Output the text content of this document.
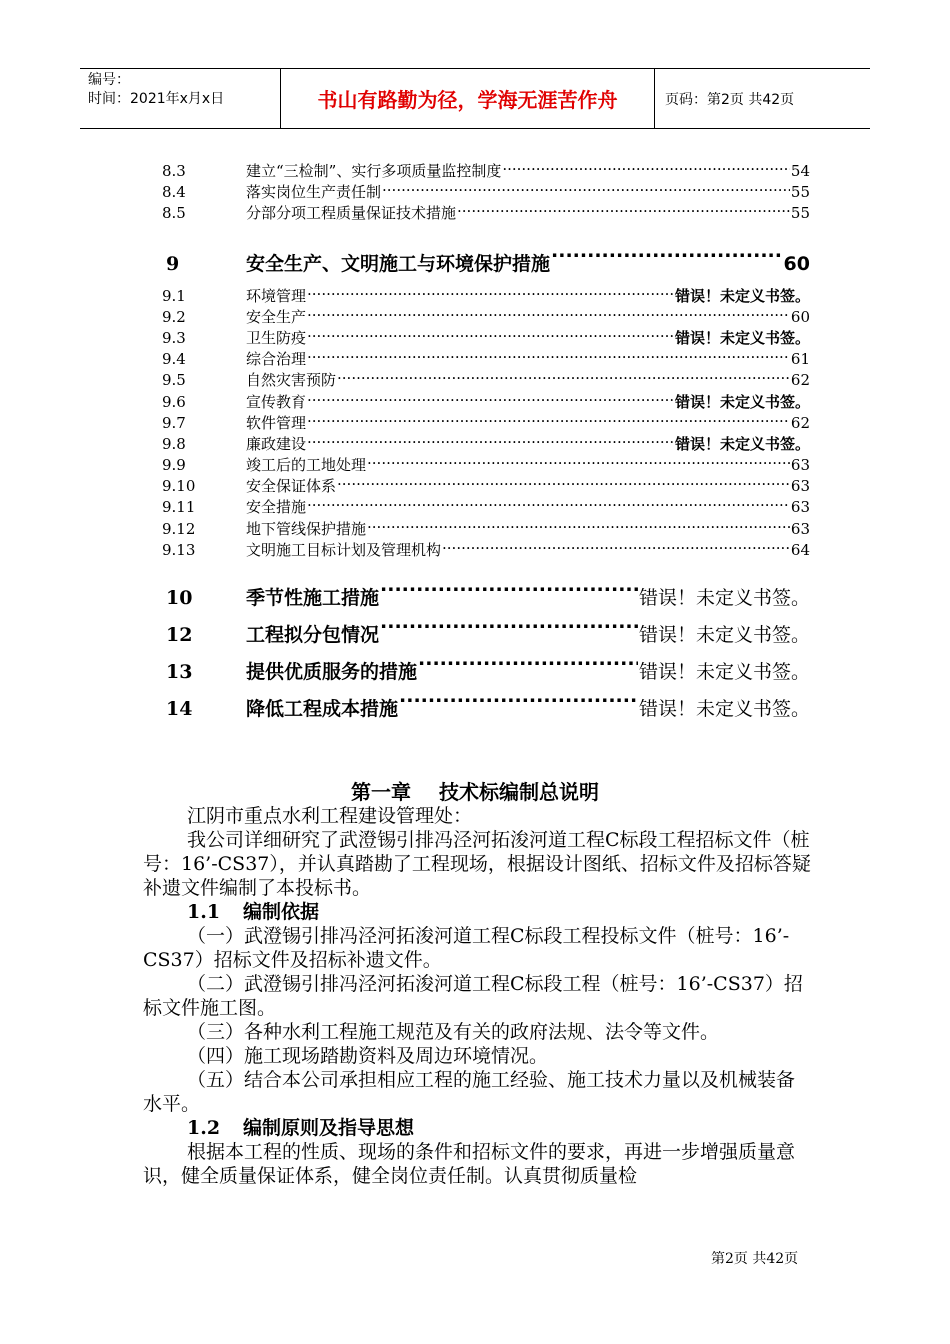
编号：
时间：2021年x月x日	书山有路勤为径，学海无涯苦作舟	页码：第2页 共42页
8.3	建立“三检制”、实行多项质量监控制度 .....	54
8.4	落实岗位生产责任制 .....	55
8.5	分部分项工程质量保证技术措施 .....	55
9	安全生产、文明施工与环境保护措施 .....	60
9.1	环境管理 .....	错误！未定义书签。
9.2	安全生产 .....	60
9.3	卫生防疫 .....	错误！未定义书签。
9.4	综合治理 .....	61
9.5	自然灾害预防 .....	62
9.6	宣传教育 .....	错误！未定义书签。
9.7	软件管理 .....	62
9.8	廉政建设 .....	错误！未定义书签。
9.9	竣工后的工地处理 .....	63
9.10	安全保证体系 .....	63
9.11	安全措施 .....	63
9.12	地下管线保护措施 .....	63
9.13	文明施工目标计划及管理机构 .....	64
10	季节性施工措施 .....	错误！未定义书签。
12	工程拟分包情况 .....	错误！未定义书签。
13	提供优质服务的措施 .....	错误！未定义书签。
14	降低工程成本措施 .....	错误！未定义书签。
第一章 技术标编制总说明

江阴市重点水利工程建设管理处：

我公司详细研究了武澄锡引排冯泾河拓浚河道工程C标段工程招标文件（桩号：16’-CS37），并认真踏勘了工程现场，根据设计图纸、招标文件及招标答疑补遗文件编制了本投标书。

1.1 编制依据

（一）武澄锡引排冯泾河拓浚河道工程C标段工程投标文件（桩号：16’-CS37）招标文件及招标补遗文件。

（二）武澄锡引排冯泾河拓浚河道工程C标段工程（桩号：16’-CS37）招标文件施工图。

（三）各种水利工程施工规范及有关的政府法规、法令等文件。

（四）施工现场踏勘资料及周边环境情况。

（五）结合本公司承担相应工程的施工经验、施工技术力量以及机械装备水平。

1.2 编制原则及指导思想

根据本工程的性质、现场的条件和招标文件的要求，再进一步增强质量意识，健全质量保证体系，健全岗位责任制。认真贯彻质量检

第2页 共42页
